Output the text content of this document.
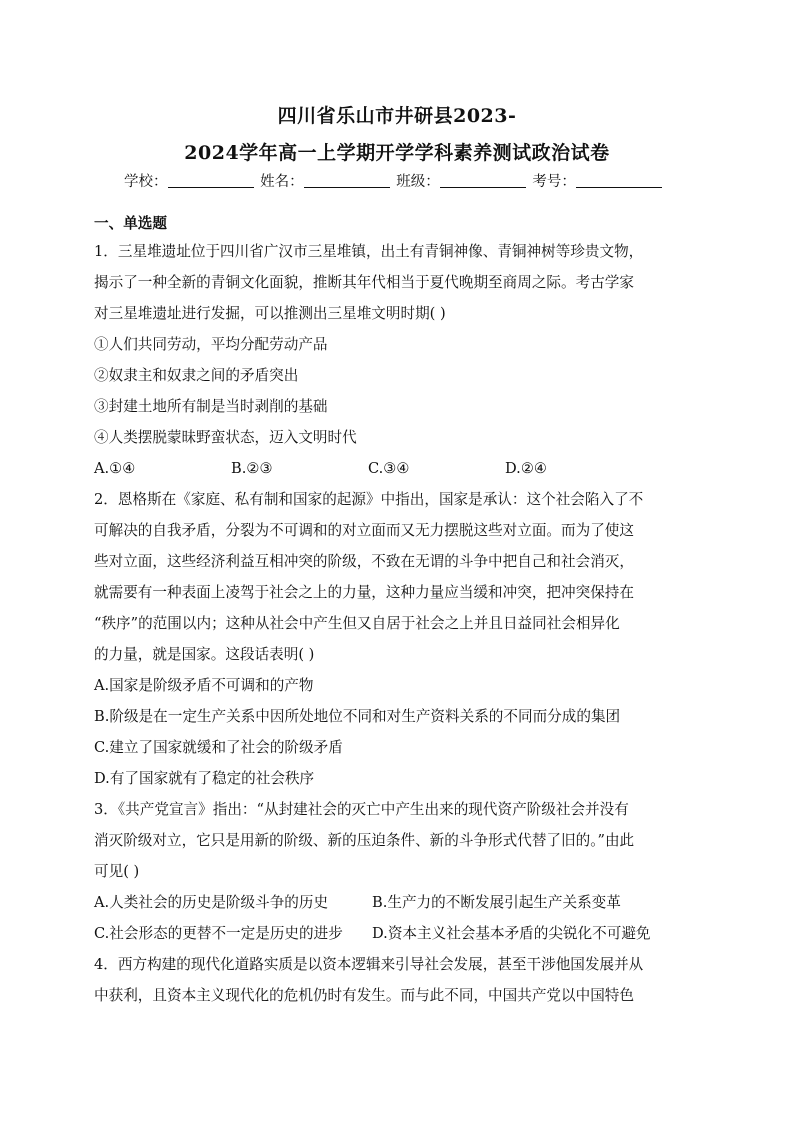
四川省乐山市井研县2023-
2024学年高一上学期开学学科素养测试政治试卷
学校：	姓名：	班级：	考号：
一、单选题
1．三星堆遗址位于四川省广汉市三星堆镇，出土有青铜神像、青铜神树等珍贵文物，
揭示了一种全新的青铜文化面貌，推断其年代相当于夏代晚期至商周之际。考古学家
对三星堆遗址进行发掘，可以推测出三星堆文明时期( )
①人们共同劳动，平均分配劳动产品
②奴隶主和奴隶之间的矛盾突出
③封建土地所有制是当时剥削的基础
④人类摆脱蒙昧野蛮状态，迈入文明时代
A.①④	B.②③	C.③④	D.②④
2．恩格斯在《家庭、私有制和国家的起源》中指出，国家是承认：这个社会陷入了不
可解决的自我矛盾，分裂为不可调和的对立面而又无力摆脱这些对立面。而为了使这
些对立面，这些经济利益互相冲突的阶级，不致在无谓的斗争中把自己和社会消灭，
就需要有一种表面上凌驾于社会之上的力量，这种力量应当缓和冲突，把冲突保持在
“秩序”的范围以内；这种从社会中产生但又自居于社会之上并且日益同社会相异化
的力量，就是国家。这段话表明( )
A.国家是阶级矛盾不可调和的产物
B.阶级是在一定生产关系中因所处地位不同和对生产资料关系的不同而分成的集团
C.建立了国家就缓和了社会的阶级矛盾
D.有了国家就有了稳定的社会秩序
3．《共产党宣言》指出：“从封建社会的灭亡中产生出来的现代资产阶级社会并没有
消灭阶级对立，它只是用新的阶级、新的压迫条件、新的斗争形式代替了旧的。”由此
可见( )
A.人类社会的历史是阶级斗争的历史	B.生产力的不断发展引起生产关系变革
C.社会形态的更替不一定是历史的进步	D.资本主义社会基本矛盾的尖锐化不可避免
4．西方构建的现代化道路实质是以资本逻辑来引导社会发展，甚至干涉他国发展并从
中获利，且资本主义现代化的危机仍时有发生。而与此不同，中国共产党以中国特色
